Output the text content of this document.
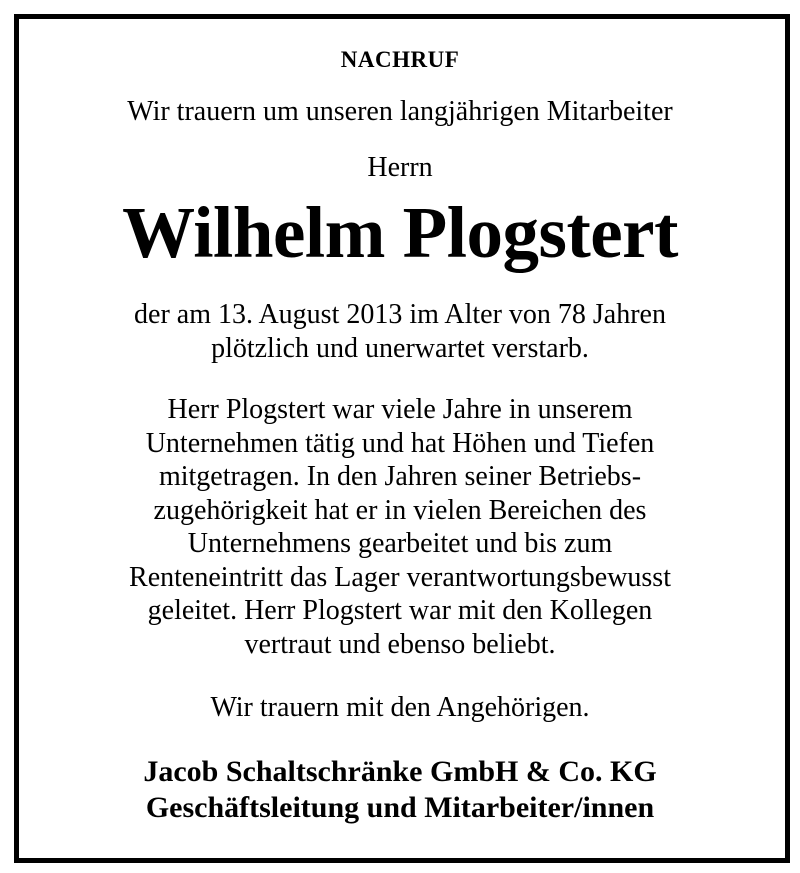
NACHRUF
Wir trauern um unseren langjährigen Mitarbeiter
Herrn
Wilhelm Plogstert
der am 13. August 2013 im Alter von 78 Jahren
plötzlich und unerwartet verstarb.
Herr Plogstert war viele Jahre in unserem
Unternehmen tätig und hat Höhen und Tiefen
mitgetragen. In den Jahren seiner Betriebs-
zugehörigkeit hat er in vielen Bereichen des
Unternehmens gearbeitet und bis zum
Renteneintritt das Lager verantwortungsbewusst
geleitet. Herr Plogstert war mit den Kollegen
vertraut und ebenso beliebt.
Wir trauern mit den Angehörigen.
Jacob Schaltschränke GmbH & Co. KG
Geschäftsleitung und Mitarbeiter/innen
